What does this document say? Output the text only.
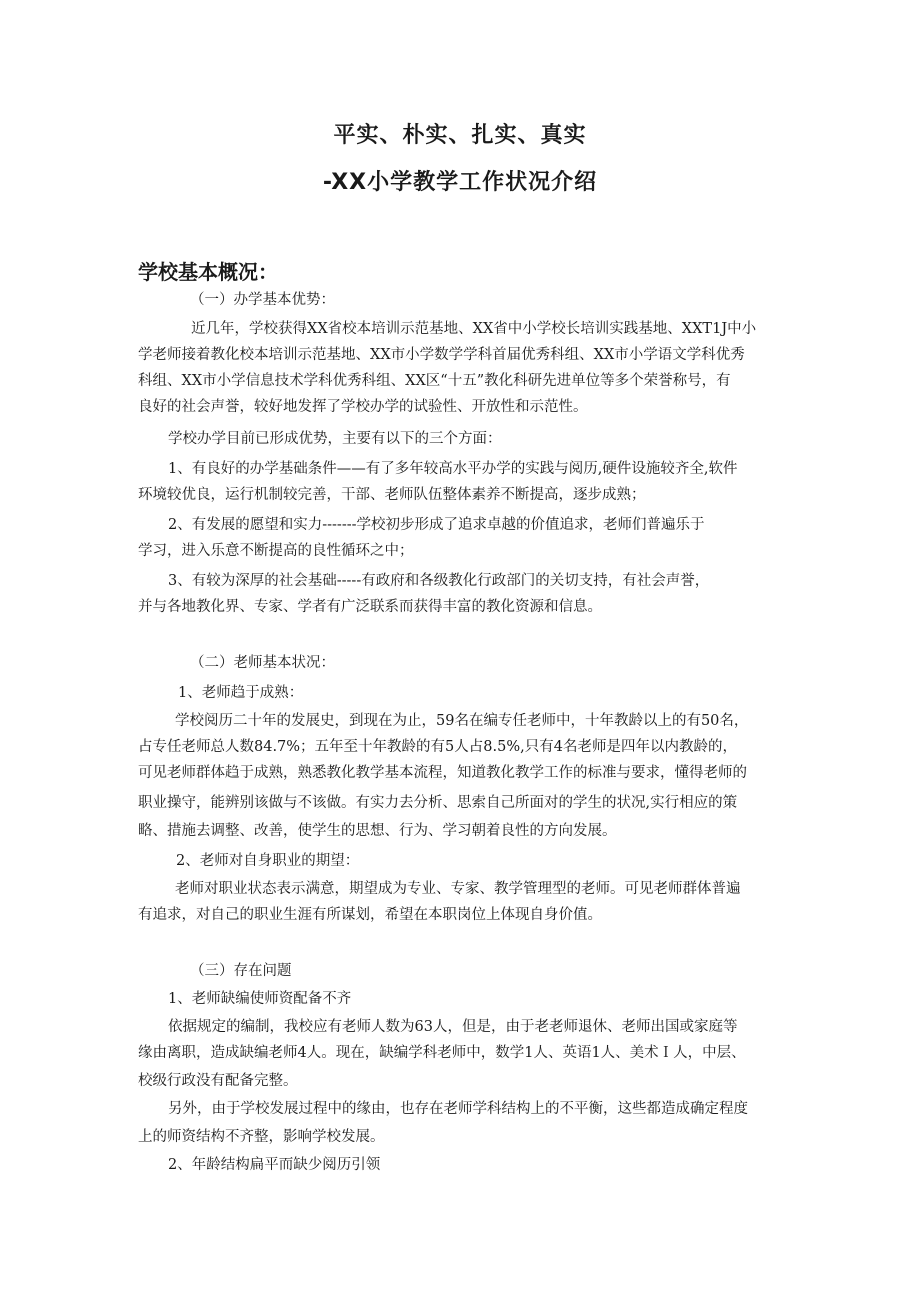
平实、朴实、扎实、真实
-XX小学教学工作状况介绍
学校基本概况：
（一）办学基本优势：
近几年，学校获得XX省校本培训示范基地、XX省中小学校长培训实践基地、XXT1J中小
学老师接着教化校本培训示范基地、XX市小学数学学科首届优秀科组、XX市小学语文学科优秀
科组、XX市小学信息技术学科优秀科组、XX区“十五”教化科研先进单位等多个荣誉称号，有
良好的社会声誉，较好地发挥了学校办学的试验性、开放性和示范性。
学校办学目前已形成优势，主要有以下的三个方面：
1、有良好的办学基础条件——有了多年较高水平办学的实践与阅历,硬件设施较齐全,软件
环境较优良，运行机制较完善，干部、老师队伍整体素养不断提高，逐步成熟；
2、有发展的愿望和实力-------学校初步形成了追求卓越的价值追求，老师们普遍乐于
学习，进入乐意不断提高的良性循环之中；
3、有较为深厚的社会基础-----有政府和各级教化行政部门的关切支持，有社会声誉，
并与各地教化界、专家、学者有广泛联系而获得丰富的教化资源和信息。
（二）老师基本状况：
1、老师趋于成熟：
学校阅历二十年的发展史，到现在为止，59名在编专任老师中，十年教龄以上的有50名，
占专任老师总人数84.7%；五年至十年教龄的有5人占8.5%,只有4名老师是四年以内教龄的，
可见老师群体趋于成熟，熟悉教化教学基本流程，知道教化教学工作的标准与要求，懂得老师的
职业操守，能辨别该做与不该做。有实力去分析、思索自己所面对的学生的状况,实行相应的策
略、措施去调整、改善，使学生的思想、行为、学习朝着良性的方向发展。
2、老师对自身职业的期望：
老师对职业状态表示满意，期望成为专业、专家、教学管理型的老师。可见老师群体普遍
有追求，对自己的职业生涯有所谋划，希望在本职岗位上体现自身价值。
（三）存在问题
1、老师缺编使师资配备不齐
依据规定的编制，我校应有老师人数为63人，但是，由于老老师退休、老师出国或家庭等
缘由离职，造成缺编老师4人。现在，缺编学科老师中，数学1人、英语1人、美术Ｉ人，中层、
校级行政没有配备完整。
另外，由于学校发展过程中的缘由，也存在老师学科结构上的不平衡，这些都造成确定程度
上的师资结构不齐整，影响学校发展。
2、年龄结构扁平而缺少阅历引领
